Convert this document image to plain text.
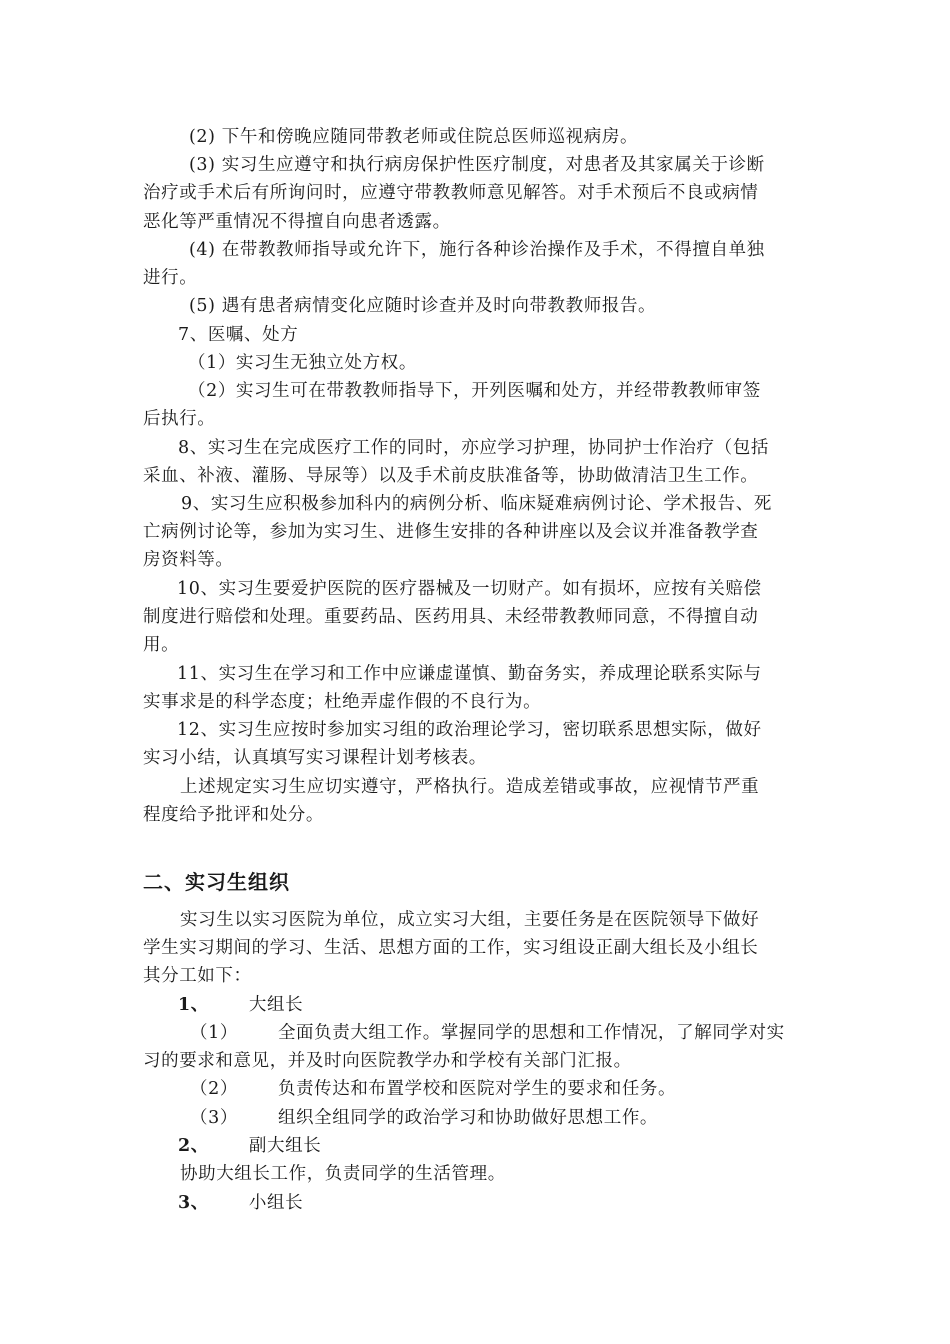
(2) 下午和傍晚应随同带教老师或住院总医师巡视病房。
(3) 实习生应遵守和执行病房保护性医疗制度，对患者及其家属关于诊断
治疗或手术后有所询问时，应遵守带教教师意见解答。对手术预后不良或病情
恶化等严重情况不得擅自向患者透露。
(4) 在带教教师指导或允许下，施行各种诊治操作及手术，不得擅自单独
进行。
(5) 遇有患者病情变化应随时诊查并及时向带教教师报告。
7、医嘱、处方
（1）实习生无独立处方权。
（2）实习生可在带教教师指导下，开列医嘱和处方，并经带教教师审签
后执行。
8、实习生在完成医疗工作的同时，亦应学习护理，协同护士作治疗（包括
采血、补液、灌肠、导尿等）以及手术前皮肤准备等，协助做清洁卫生工作。
9、实习生应积极参加科内的病例分析、临床疑难病例讨论、学术报告、死
亡病例讨论等，参加为实习生、进修生安排的各种讲座以及会议并准备教学查
房资料等。
10、实习生要爱护医院的医疗器械及一切财产。如有损坏，应按有关赔偿
制度进行赔偿和处理。重要药品、医药用具、未经带教教师同意，不得擅自动
用。
11、实习生在学习和工作中应谦虚谨慎、勤奋务实，养成理论联系实际与
实事求是的科学态度；杜绝弄虚作假的不良行为。
12、实习生应按时参加实习组的政治理论学习，密切联系思想实际，做好
实习小结，认真填写实习课程计划考核表。
上述规定实习生应切实遵守，严格执行。造成差错或事故，应视情节严重
程度给予批评和处分。
二、实习生组织
实习生以实习医院为单位，成立实习大组，主要任务是在医院领导下做好
学生实习期间的学习、生活、思想方面的工作，实习组设正副大组长及小组长
其分工如下：
1、 大组长
（1） 全面负责大组工作。掌握同学的思想和工作情况，了解同学对实
习的要求和意见，并及时向医院教学办和学校有关部门汇报。
（2） 负责传达和布置学校和医院对学生的要求和任务。
（3） 组织全组同学的政治学习和协助做好思想工作。
2、 副大组长
协助大组长工作，负责同学的生活管理。
3、 小组长
